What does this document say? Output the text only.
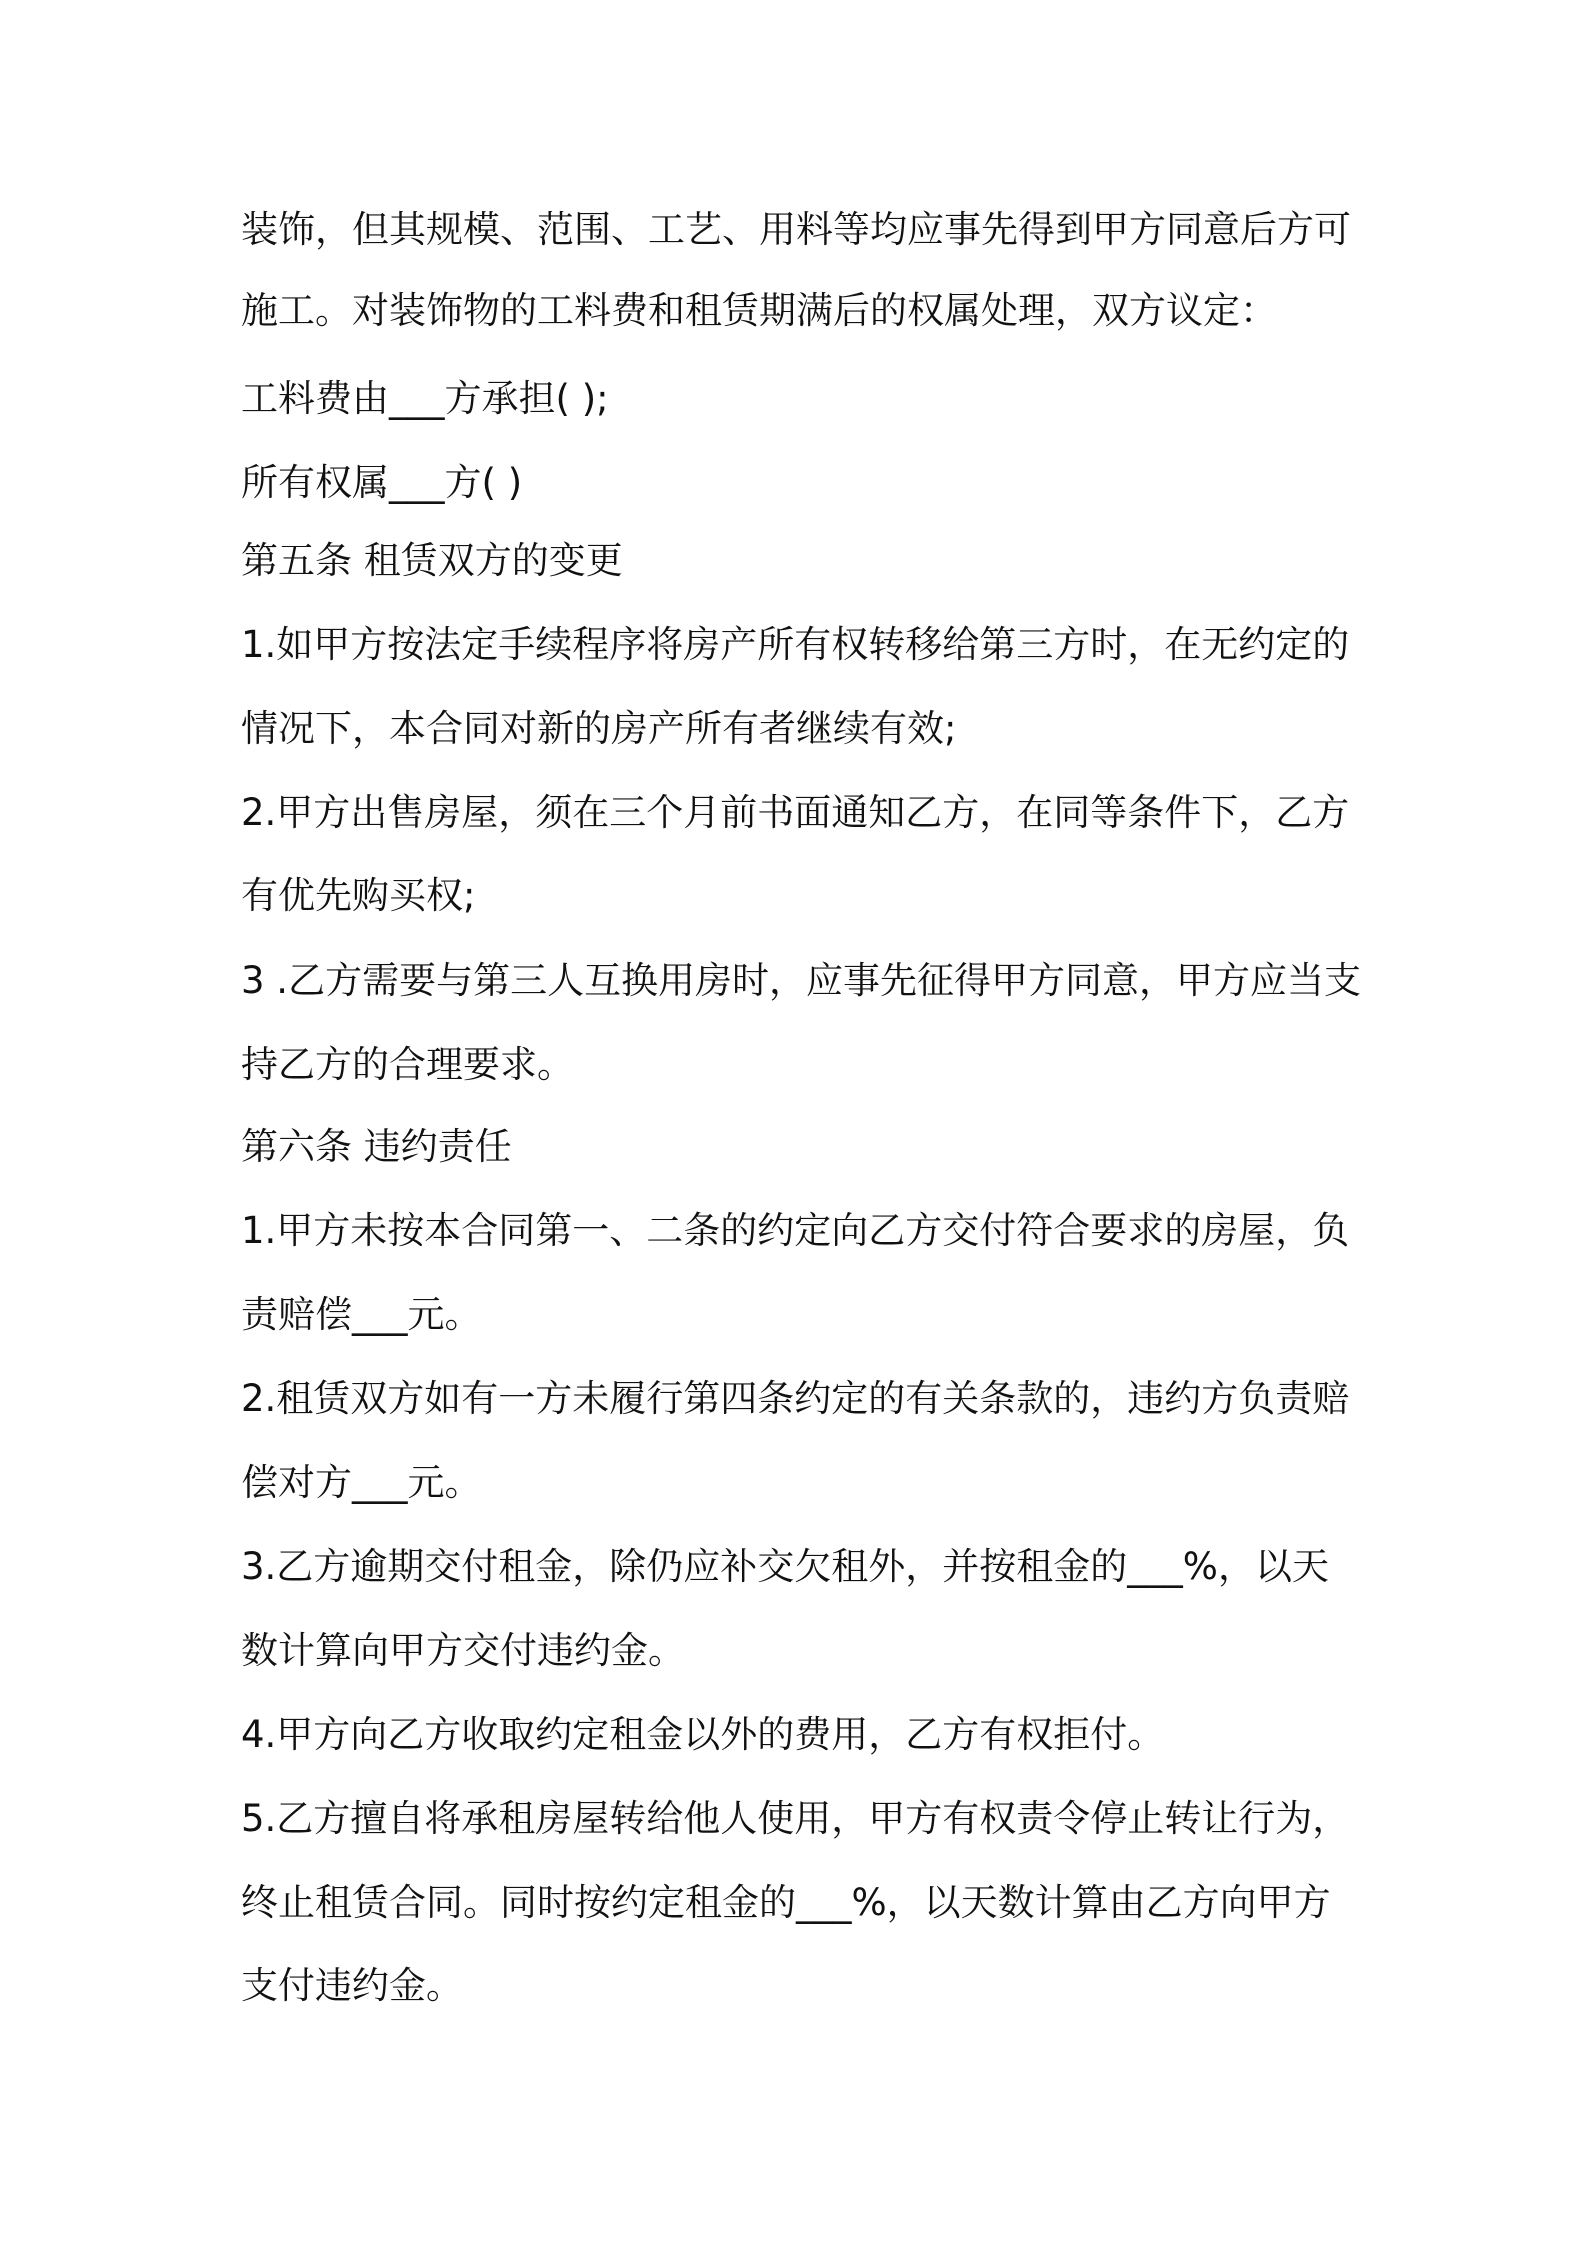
装饰，但其规模、范围、工艺、用料等均应事先得到甲方同意后方可
施工。对装饰物的工料费和租赁期满后的权属处理，双方议定：
工料费由___方承担( );
所有权属___方( )
第五条 租赁双方的变更
1.如甲方按法定手续程序将房产所有权转移给第三方时，在无约定的
情况下，本合同对新的房产所有者继续有效;
2.甲方出售房屋，须在三个月前书面通知乙方，在同等条件下，乙方
有优先购买权;
3 .乙方需要与第三人互换用房时，应事先征得甲方同意，甲方应当支
持乙方的合理要求。
第六条 违约责任
1.甲方未按本合同第一、二条的约定向乙方交付符合要求的房屋，负
责赔偿___元。
2.租赁双方如有一方未履行第四条约定的有关条款的，违约方负责赔
偿对方___元。
3.乙方逾期交付租金，除仍应补交欠租外，并按租金的___%，以天
数计算向甲方交付违约金。
4.甲方向乙方收取约定租金以外的费用，乙方有权拒付。
5.乙方擅自将承租房屋转给他人使用，甲方有权责令停止转让行为，
终止租赁合同。同时按约定租金的___%，以天数计算由乙方向甲方
支付违约金。
